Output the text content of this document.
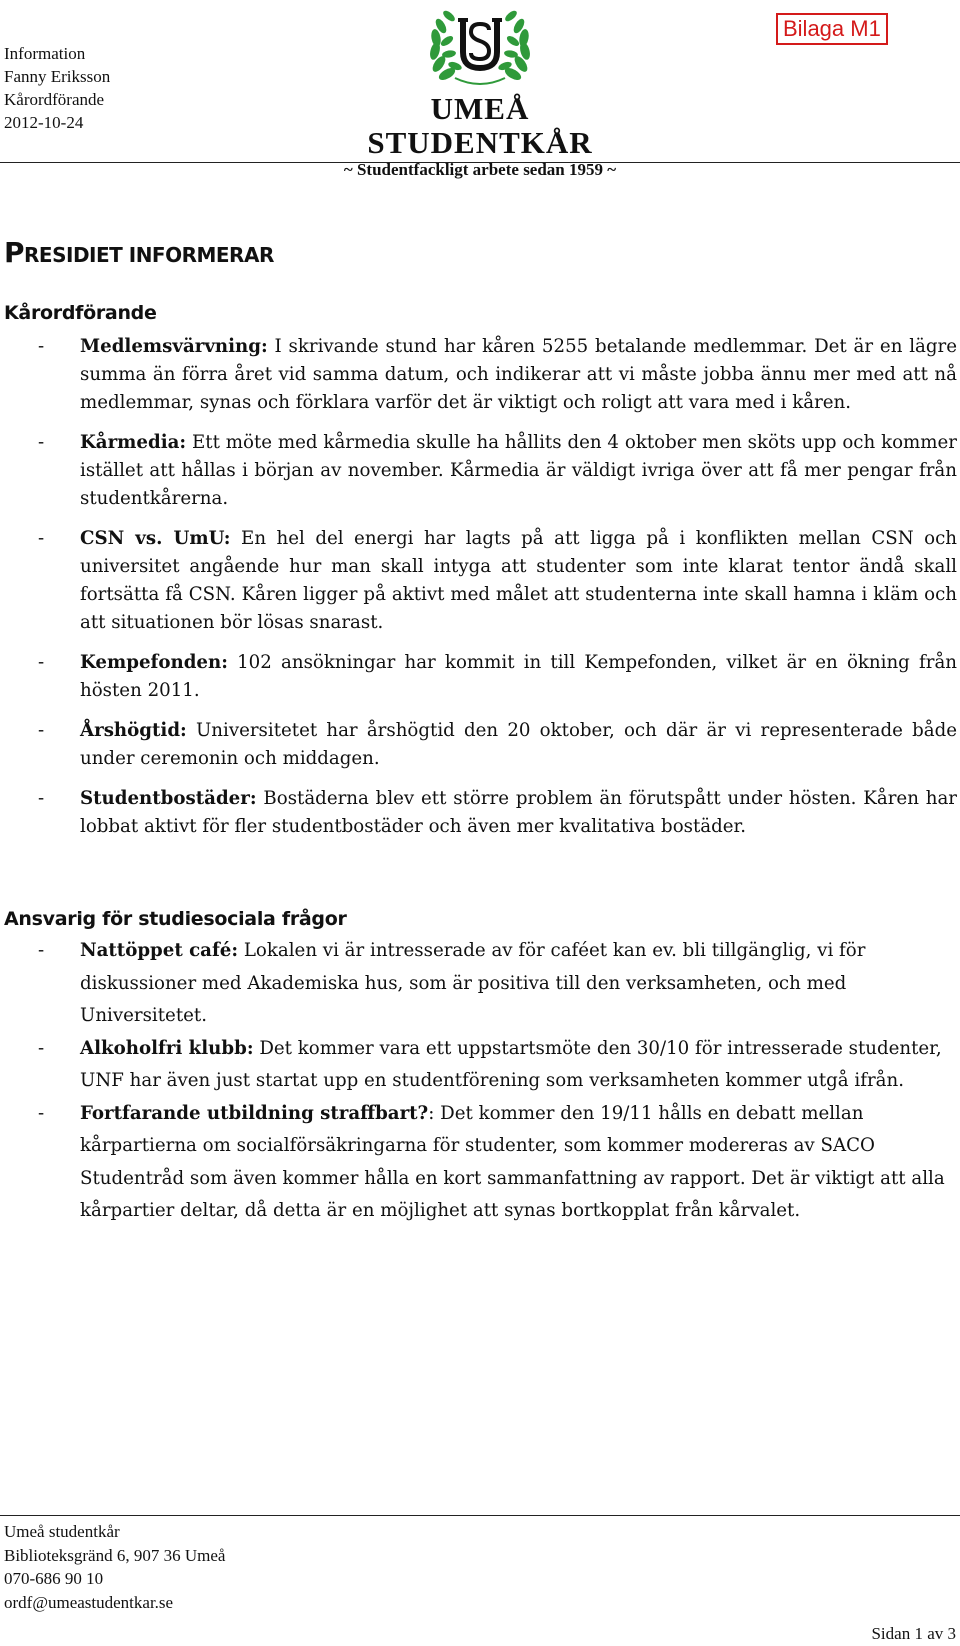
Information
Fanny Eriksson
Kårordförande
2012-10-24	UMEÅ STUDENTKÅR
~ Studentfackligt arbete sedan 1959 ~
Bilaga M1
PRESIDIET INFORMERAR
Kårordförande
- Medlemsvärvning: I skrivande stund har kåren 5255 betalande medlemmar. Det är en lägre summa än förra året vid samma datum, och indikerar att vi måste jobba ännu mer med att nå medlemmar, synas och förklara varför det är viktigt och roligt att vara med i kåren.
- Kårmedia: Ett möte med kårmedia skulle ha hållits den 4 oktober men sköts upp och kommer istället att hållas i början av november. Kårmedia är väldigt ivriga över att få mer pengar från studentkårerna.
- CSN vs. UmU: En hel del energi har lagts på att ligga på i konflikten mellan CSN och universitet angående hur man skall intyga att studenter som inte klarat tentor ändå skall fortsätta få CSN. Kåren ligger på aktivt med målet att studenterna inte skall hamna i kläm och att situationen bör lösas snarast.
- Kempefonden: 102 ansökningar har kommit in till Kempefonden, vilket är en ökning från hösten 2011.
- Årshögtid: Universitetet har årshögtid den 20 oktober, och där är vi representerade både under ceremonin och middagen.
- Studentbostäder: Bostäderna blev ett större problem än förutspått under hösten. Kåren har lobbat aktivt för fler studentbostäder och även mer kvalitativa bostäder.
Ansvarig för studiesociala frågor
- Nattöppet café: Lokalen vi är intresserade av för caféet kan ev. bli tillgänglig, vi för diskussioner med Akademiska hus, som är positiva till den verksamheten, och med Universitetet.
- Alkoholfri klubb: Det kommer vara ett uppstartsmöte den 30/10 för intresserade studenter, UNF har även just startat upp en studentförening som verksamheten kommer utgå ifrån.
- Fortfarande utbildning straffbart?: Det kommer den 19/11 hålls en debatt mellan kårpartierna om socialförsäkringarna för studenter, som kommer modereras av SACO Studentråd som även kommer hålla en kort sammanfattning av rapport. Det är viktigt att alla kårpartier deltar, då detta är en möjlighet att synas bortkopplat från kårvalet.
Umeå studentkår
Biblioteksgränd 6, 907 36 Umeå
070-686 90 10
ordf@umeastudentkar.se
Sidan 1 av 3
